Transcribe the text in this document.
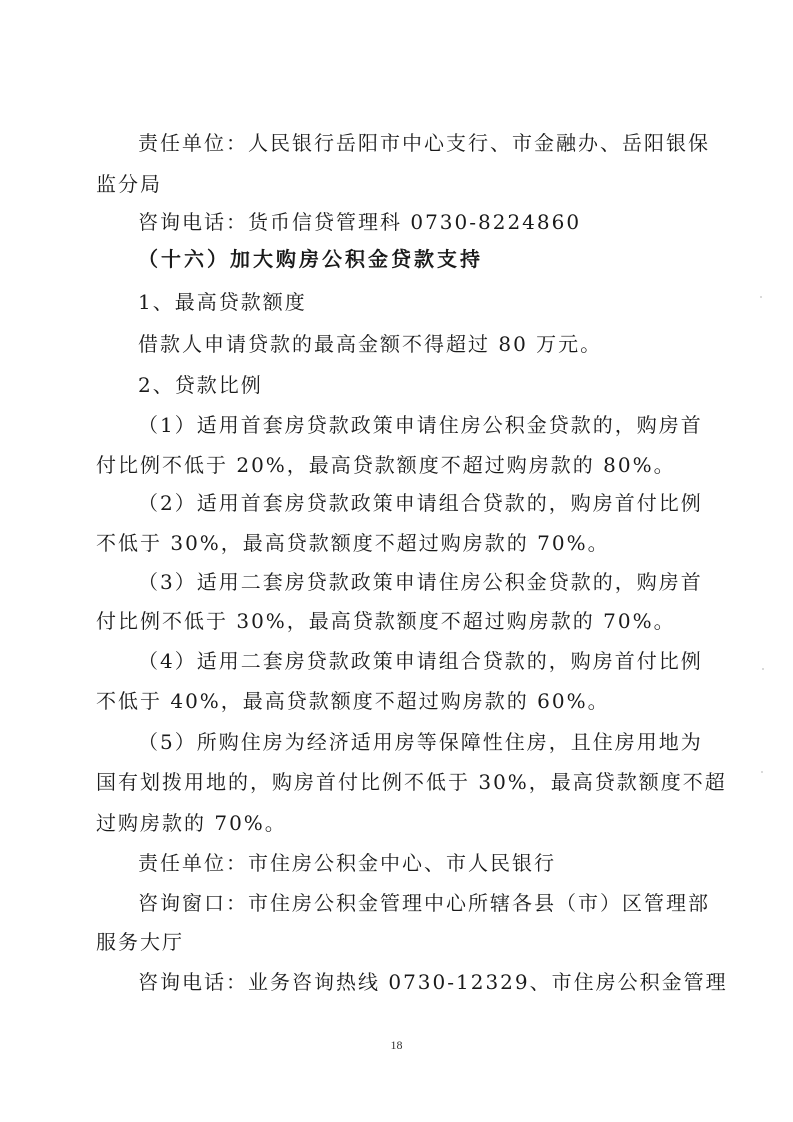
责任单位：人民银行岳阳市中心支行、市金融办、岳阳银保
监分局
咨询电话：货币信贷管理科 0730-8224860
（十六）加大购房公积金贷款支持
1、最高贷款额度
借款人申请贷款的最高金额不得超过 80 万元。
2、贷款比例
（1）适用首套房贷款政策申请住房公积金贷款的，购房首
付比例不低于 20%，最高贷款额度不超过购房款的 80%。
（2）适用首套房贷款政策申请组合贷款的，购房首付比例
不低于 30%，最高贷款额度不超过购房款的 70%。
（3）适用二套房贷款政策申请住房公积金贷款的，购房首
付比例不低于 30%，最高贷款额度不超过购房款的 70%。
（4）适用二套房贷款政策申请组合贷款的，购房首付比例
不低于 40%，最高贷款额度不超过购房款的 60%。
（5）所购住房为经济适用房等保障性住房，且住房用地为
国有划拨用地的，购房首付比例不低于 30%，最高贷款额度不超
过购房款的 70%。
责任单位：市住房公积金中心、市人民银行
咨询窗口：市住房公积金管理中心所辖各县（市）区管理部
服务大厅
咨询电话：业务咨询热线 0730-12329、市住房公积金管理
18
